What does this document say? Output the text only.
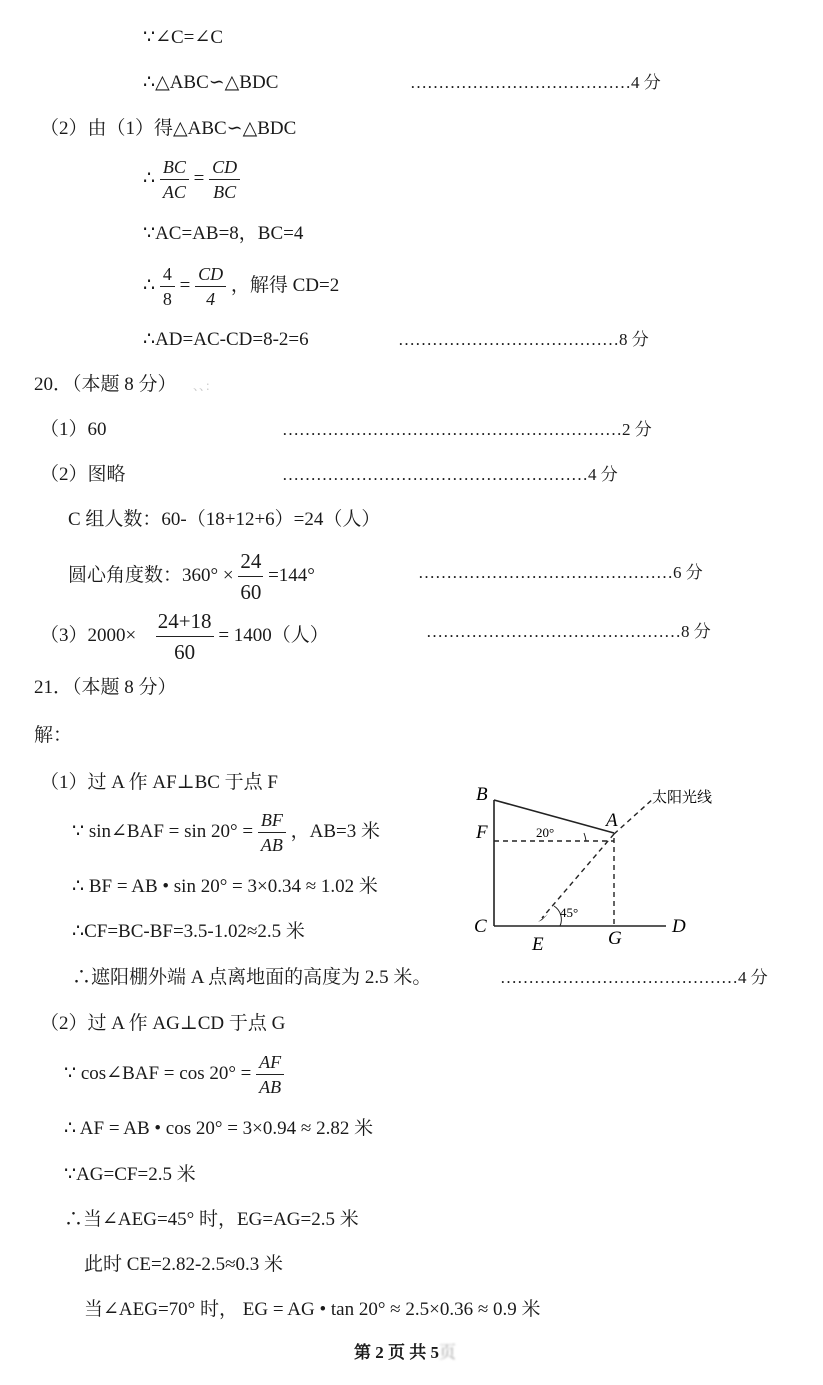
∵∠C=∠C
∴△ABC∽△BDC	…………………………………4 分
（2）由（1）得△ABC∽△BDC
∴ $\frac{BC}{AC} = \frac{CD}{BC}$
∵AC=AB=8，BC=4
∴ $\frac{4}{8} = \frac{CD}{4}$ ，解得 CD=2
∴AD=AC-CD=8-2=6	…………………………………8 分
20．（本题 8 分） 、、：
（1）60	……………………………………………………2 分
（2）图略	………………………………………………4 分
C 组人数：60-（18+12+6）=24（人）
圆心角度数：$360^\circ \times \frac{24}{60} =144^\circ$	………………………………………6 分
$(3)2000\times \frac{24+18}{60} = 1400$（人）	………………………………………8 分
21．（本题 8 分）
解：
（1）过 A 作 AF⊥BC 于点 F
∵ sin∠BAF = $\sin 20^\circ = \frac{BF}{AB}$ ，AB=3 米
∴ BF = AB • sin 20° = 3×0.34 ≈ 1.02 米
∴CF=BC-BF=3.5-1.02≈2.5 米
∴遮阳棚外端 A 点离地面的高度为 2.5 米。	……………………………………4 分
（2）过 A 作 AG⊥CD 于点 G
∵ cos∠BAF = $\cos 20^\circ = \frac{AF}{AB}$
∴ AF = AB • cos 20° = 3×0.94 ≈ 2.82 米
∵AG=CF=2.5 米
∴当∠AEG=45° 时，EG=AG=2.5 米
此时 CE=2.82-2.5≈0.3 米
当∠AEG=70° 时， EG = AG • tan 20° ≈ 2.5×0.36 ≈ 0.9 米
B
F
C
E	G
D
A
20°
45°
太阳光线
第 2 页 共 5页
